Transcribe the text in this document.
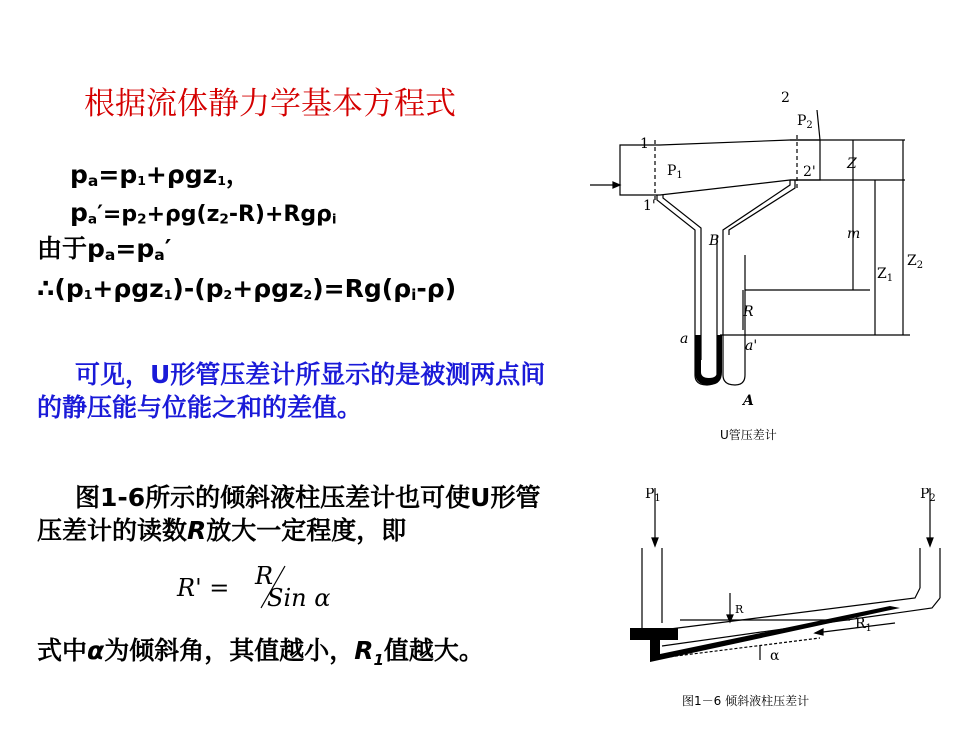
根据流体静力学基本方程式
$p_a=p_1+\rho gz_1$，
$p_a'=p_2+\rho g(z_2-R)+Rg\rho_i$
由于$p_a=p_a'$
$\therefore(p_1+\rho gz_1)-(p_2+\rho gz_2)=Rg(\rho_i-\rho)$
可见，U形管压差计所显示的是被测两点间的静压能与位能之和的差值。
图1-6所示的倾斜液柱压差计也可使U形管压差计的读数R放大一定程度，即
R' = R
Sin α
式中α为倾斜角，其值越小，$R_1$值越大。
1
2
$P_1$
$P_2$
1'
2' Z
m
B
$Z_1$
$Z_2$
R
a	a'
A
U管压差计
$P_1$	$P_2$
R
$R_1$
α
图1－6 倾斜液柱压差计
